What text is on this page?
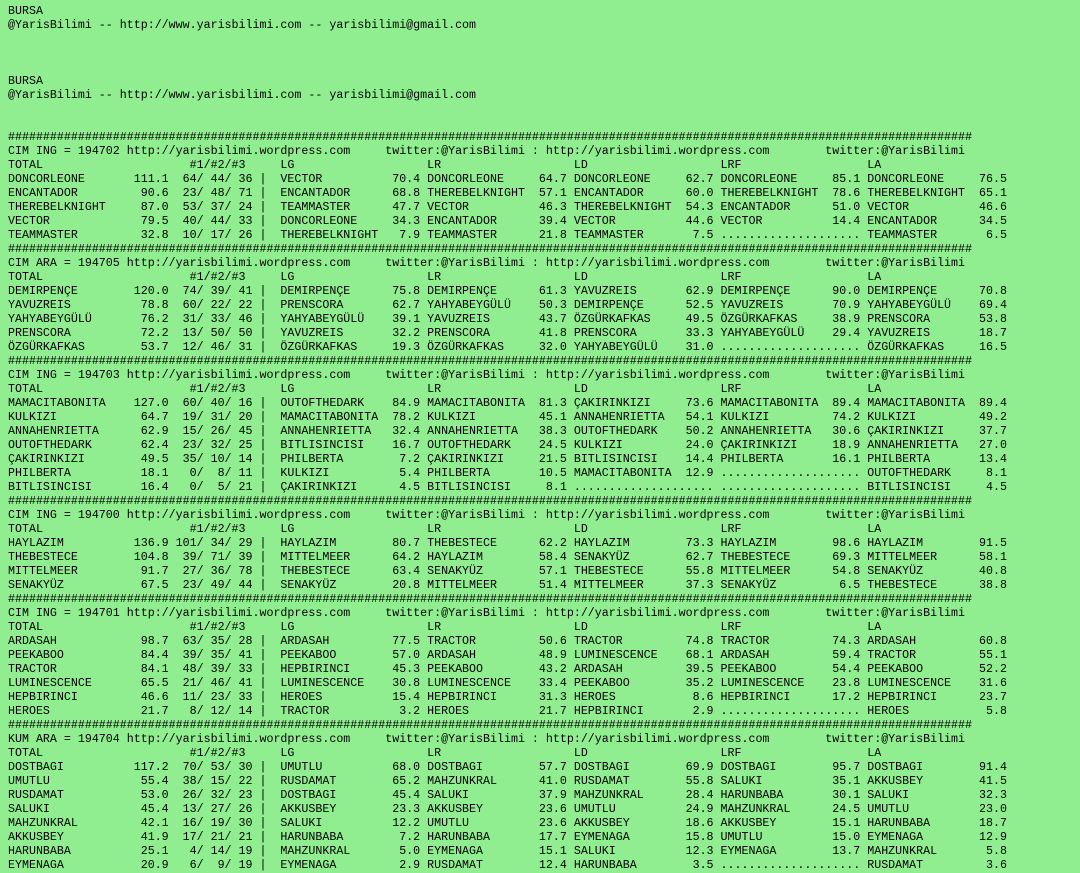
BURSA
@YarisBilimi -- http://www.yarisbilimi.com -- yarisbilimi@gmail.com
BURSA
@YarisBilimi -- http://www.yarisbilimi.com -- yarisbilimi@gmail.com
##########################################################################################################################################
CIM ING = 194702 http://yarisbilimi.wordpress.com     twitter:@YarisBilimi : http://yarisbilimi.wordpress.com        twitter:@YarisBilimi
TOTAL                     #1/#2/#3     LG                   LR                   LD                   LRF                  LA
DONCORLEONE       111.1  64/ 44/ 36 |  VECTOR          70.4 DONCORLEONE     64.7 DONCORLEONE     62.7 DONCORLEONE     85.1 DONCORLEONE     76.5
ENCANTADOR         90.6  23/ 48/ 71 |  ENCANTADOR      68.8 THEREBELKNIGHT  57.1 ENCANTADOR      60.0 THEREBELKNIGHT  78.6 THEREBELKNIGHT  65.1
THEREBELKNIGHT     87.0  53/ 37/ 24 |  TEAMMASTER      47.7 VECTOR          46.3 THEREBELKNIGHT  54.3 ENCANTADOR      51.0 VECTOR          46.6
VECTOR             79.5  40/ 44/ 33 |  DONCORLEONE     34.3 ENCANTADOR      39.4 VECTOR          44.6 VECTOR          14.4 ENCANTADOR      34.5
TEAMMASTER         32.8  10/ 17/ 26 |  THEREBELKNIGHT   7.9 TEAMMASTER      21.8 TEAMMASTER       7.5 .................... TEAMMASTER       6.5
##########################################################################################################################################
CIM ARA = 194705 http://yarisbilimi.wordpress.com     twitter:@YarisBilimi : http://yarisbilimi.wordpress.com        twitter:@YarisBilimi
TOTAL                     #1/#2/#3     LG                   LR                   LD                   LRF                  LA
DEMIRPENÇE        120.0  74/ 39/ 41 |  DEMIRPENÇE      75.8 DEMIRPENÇE      61.3 YAVUZREIS       62.9 DEMIRPENÇE      90.0 DEMIRPENÇE      70.8
YAVUZREIS          78.8  60/ 22/ 22 |  PRENSCORA       62.7 YAHYABEYGÜLÜ    50.3 DEMIRPENÇE      52.5 YAVUZREIS       70.9 YAHYABEYGÜLÜ    69.4
YAHYABEYGÜLÜ       76.2  31/ 33/ 46 |  YAHYABEYGÜLÜ    39.1 YAVUZREIS       43.7 ÖZGÜRKAFKAS     49.5 ÖZGÜRKAFKAS     38.9 PRENSCORA       53.8
PRENSCORA          72.2  13/ 50/ 50 |  YAVUZREIS       32.2 PRENSCORA       41.8 PRENSCORA       33.3 YAHYABEYGÜLÜ    29.4 YAVUZREIS       18.7
ÖZGÜRKAFKAS        53.7  12/ 46/ 31 |  ÖZGÜRKAFKAS     19.3 ÖZGÜRKAFKAS     32.0 YAHYABEYGÜLÜ    31.0 .................... ÖZGÜRKAFKAS     16.5
##########################################################################################################################################
CIM ING = 194703 http://yarisbilimi.wordpress.com     twitter:@YarisBilimi : http://yarisbilimi.wordpress.com        twitter:@YarisBilimi
TOTAL                     #1/#2/#3     LG                   LR                   LD                   LRF                  LA
MAMACITABONITA    127.0  60/ 40/ 16 |  OUTOFTHEDARK    84.9 MAMACITABONITA  81.3 ÇAKIRINKIZI     73.6 MAMACITABONITA  89.4 MAMACITABONITA  89.4
KULKIZI            64.7  19/ 31/ 20 |  MAMACITABONITA  78.2 KULKIZI         45.1 ANNAHENRIETTA   54.1 KULKIZI         74.2 KULKIZI         49.2
ANNAHENRIETTA      62.9  15/ 26/ 45 |  ANNAHENRIETTA   32.4 ANNAHENRIETTA   38.3 OUTOFTHEDARK    50.2 ANNAHENRIETTA   30.6 ÇAKIRINKIZI     37.7
OUTOFTHEDARK       62.4  23/ 32/ 25 |  BITLISINCISI    16.7 OUTOFTHEDARK    24.5 KULKIZI         24.0 ÇAKIRINKIZI     18.9 ANNAHENRIETTA   27.0
ÇAKIRINKIZI        49.5  35/ 10/ 14 |  PHILBERTA        7.2 ÇAKIRINKIZI     21.5 BITLISINCISI    14.4 PHILBERTA       16.1 PHILBERTA       13.4
PHILBERTA          18.1   0/  8/ 11 |  KULKIZI          5.4 PHILBERTA       10.5 MAMACITABONITA  12.9 .................... OUTOFTHEDARK     8.1
BITLISINCISI       16.4   0/  5/ 21 |  ÇAKIRINKIZI      4.5 BITLISINCISI     8.1 .................... .................... BITLISINCISI     4.5
##########################################################################################################################################
CIM ING = 194700 http://yarisbilimi.wordpress.com     twitter:@YarisBilimi : http://yarisbilimi.wordpress.com        twitter:@YarisBilimi
TOTAL                     #1/#2/#3     LG                   LR                   LD                   LRF                  LA
HAYLAZIM          136.9 101/ 34/ 29 |  HAYLAZIM        80.7 THEBESTECE      62.2 HAYLAZIM        73.3 HAYLAZIM        98.6 HAYLAZIM        91.5
THEBESTECE        104.8  39/ 71/ 39 |  MITTELMEER      64.2 HAYLAZIM        58.4 SENAKYÜZ        62.7 THEBESTECE      69.3 MITTELMEER      58.1
MITTELMEER         91.7  27/ 36/ 78 |  THEBESTECE      63.4 SENAKYÜZ        57.1 THEBESTECE      55.8 MITTELMEER      54.8 SENAKYÜZ        40.8
SENAKYÜZ           67.5  23/ 49/ 44 |  SENAKYÜZ        20.8 MITTELMEER      51.4 MITTELMEER      37.3 SENAKYÜZ         6.5 THEBESTECE      38.8
##########################################################################################################################################
CIM ING = 194701 http://yarisbilimi.wordpress.com     twitter:@YarisBilimi : http://yarisbilimi.wordpress.com        twitter:@YarisBilimi
TOTAL                     #1/#2/#3     LG                   LR                   LD                   LRF                  LA
ARDASAH            98.7  63/ 35/ 28 |  ARDASAH         77.5 TRACTOR         50.6 TRACTOR         74.8 TRACTOR         74.3 ARDASAH         60.8
PEEKABOO           84.4  39/ 35/ 41 |  PEEKABOO        57.0 ARDASAH         48.9 LUMINESCENCE    68.1 ARDASAH         59.4 TRACTOR         55.1
TRACTOR            84.1  48/ 39/ 33 |  HEPBIRINCI      45.3 PEEKABOO        43.2 ARDASAH         39.5 PEEKABOO        54.4 PEEKABOO        52.2
LUMINESCENCE       65.5  21/ 46/ 41 |  LUMINESCENCE    30.8 LUMINESCENCE    33.4 PEEKABOO        35.2 LUMINESCENCE    23.8 LUMINESCENCE    31.6
HEPBIRINCI         46.6  11/ 23/ 33 |  HEROES          15.4 HEPBIRINCI      31.3 HEROES           8.6 HEPBIRINCI      17.2 HEPBIRINCI      23.7
HEROES             21.7   8/ 12/ 14 |  TRACTOR          3.2 HEROES          21.7 HEPBIRINCI       2.9 .................... HEROES           5.8
##########################################################################################################################################
KUM ARA = 194704 http://yarisbilimi.wordpress.com     twitter:@YarisBilimi : http://yarisbilimi.wordpress.com        twitter:@YarisBilimi
TOTAL                     #1/#2/#3     LG                   LR                   LD                   LRF                  LA
DOSTBAGI          117.2  70/ 53/ 30 |  UMUTLU          68.0 DOSTBAGI        57.7 DOSTBAGI        69.9 DOSTBAGI        95.7 DOSTBAGI        91.4
UMUTLU             55.4  38/ 15/ 22 |  RUSDAMAT        65.2 MAHZUNKRAL      41.0 RUSDAMAT        55.8 SALUKI          35.1 AKKUSBEY        41.5
RUSDAMAT           53.0  26/ 32/ 23 |  DOSTBAGI        45.4 SALUKI          37.9 MAHZUNKRAL      28.4 HARUNBABA       30.1 SALUKI          32.3
SALUKI             45.4  13/ 27/ 26 |  AKKUSBEY        23.3 AKKUSBEY        23.6 UMUTLU          24.9 MAHZUNKRAL      24.5 UMUTLU          23.0
MAHZUNKRAL         42.1  16/ 19/ 30 |  SALUKI          12.2 UMUTLU          23.6 AKKUSBEY        18.6 AKKUSBEY        15.1 HARUNBABA       18.7
AKKUSBEY           41.9  17/ 21/ 21 |  HARUNBABA        7.2 HARUNBABA       17.7 EYMENAGA        15.8 UMUTLU          15.0 EYMENAGA        12.9
HARUNBABA          25.1   4/ 14/ 19 |  MAHZUNKRAL       5.0 EYMENAGA        15.1 SALUKI          12.3 EYMENAGA        13.7 MAHZUNKRAL       5.8
EYMENAGA           20.9   6/  9/ 19 |  EYMENAGA         2.9 RUSDAMAT        12.4 HARUNBABA        3.5 .................... RUSDAMAT         3.6
